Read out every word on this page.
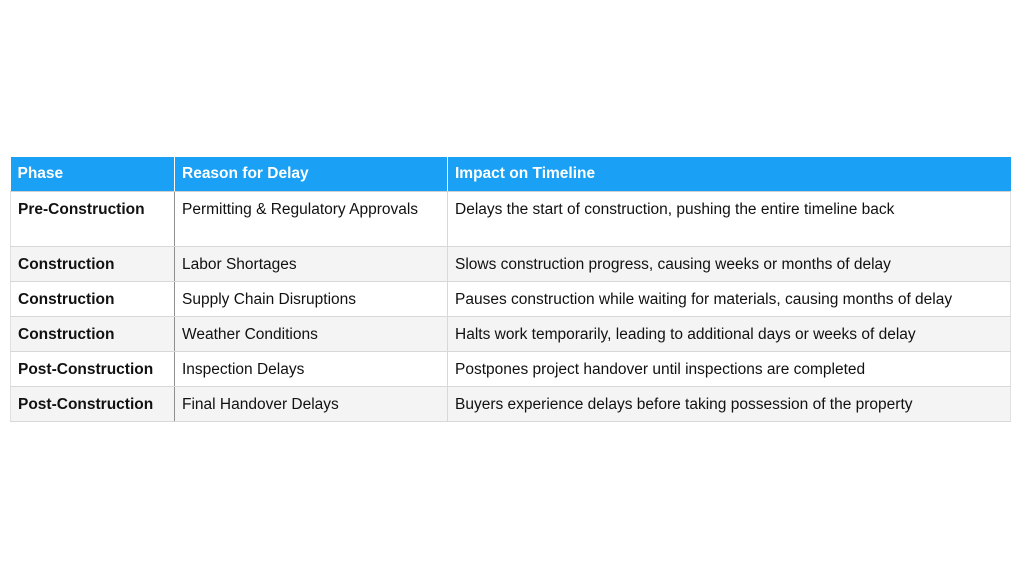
Phase	Reason for Delay	Impact on Timeline
Pre-Construction	Permitting & Regulatory Approvals	Delays the start of construction, pushing the entire timeline back
Construction	Labor Shortages	Slows construction progress, causing weeks or months of delay
Construction	Supply Chain Disruptions	Pauses construction while waiting for materials, causing months of delay
Construction	Weather Conditions	Halts work temporarily, leading to additional days or weeks of delay
Post-Construction	Inspection Delays	Postpones project handover until inspections are completed
Post-Construction	Final Handover Delays	Buyers experience delays before taking possession of the property
